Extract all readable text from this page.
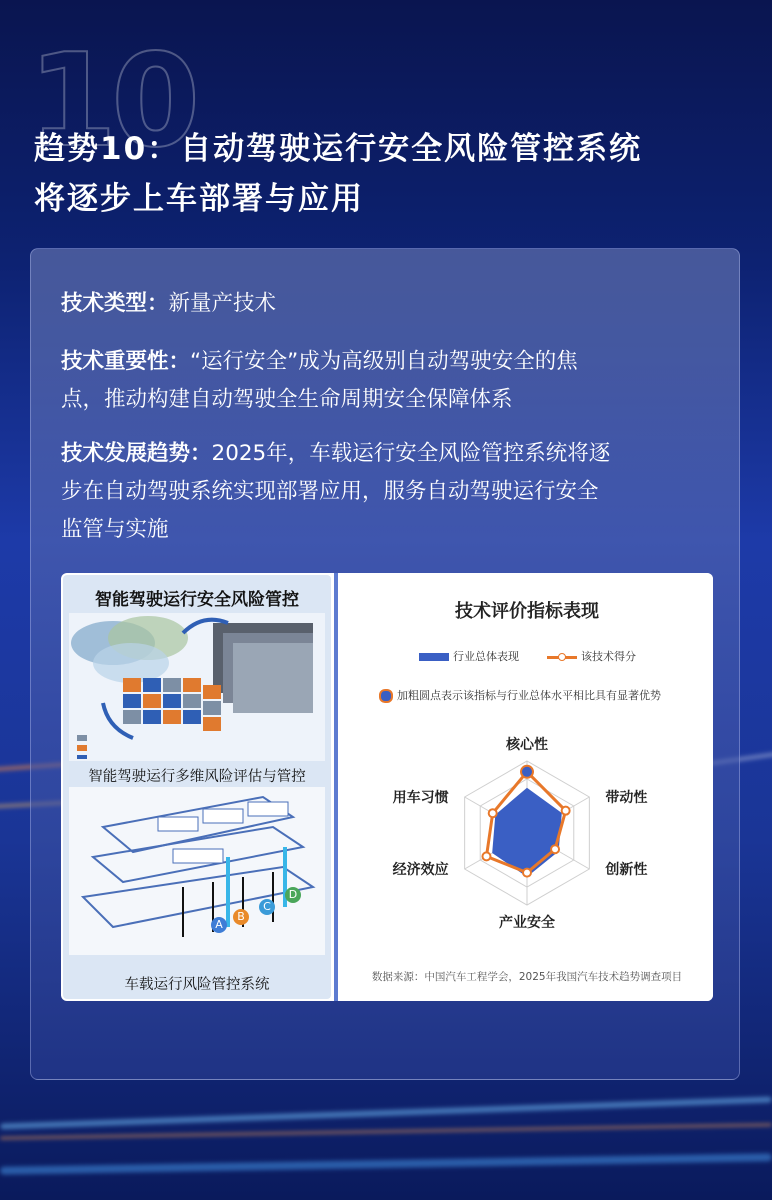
10
趋势10：自动驾驶运行安全风险管控系统
将逐步上车部署与应用
技术类型：新量产技术
技术重要性：“运行安全”成为高级别自动驾驶安全的焦
点，推动构建自动驾驶全生命周期安全保障体系
技术发展趋势：2025年，车载运行安全风险管控系统将逐
步在自动驾驶系统实现部署应用，服务自动驾驶运行安全
监管与实施
智能驾驶运行安全风险管控
智能驾驶运行多维风险评估与管控
A
B
C
D
车载运行风险管控系统
技术评价指标表现
行业总体表现	该技术得分
加粗圆点表示该指标与行业总体水平相比具有显著优势
核心性
带动性
创新性
产业安全
经济效应
用车习惯
数据来源：中国汽车工程学会，2025年我国汽车技术趋势调查项目
